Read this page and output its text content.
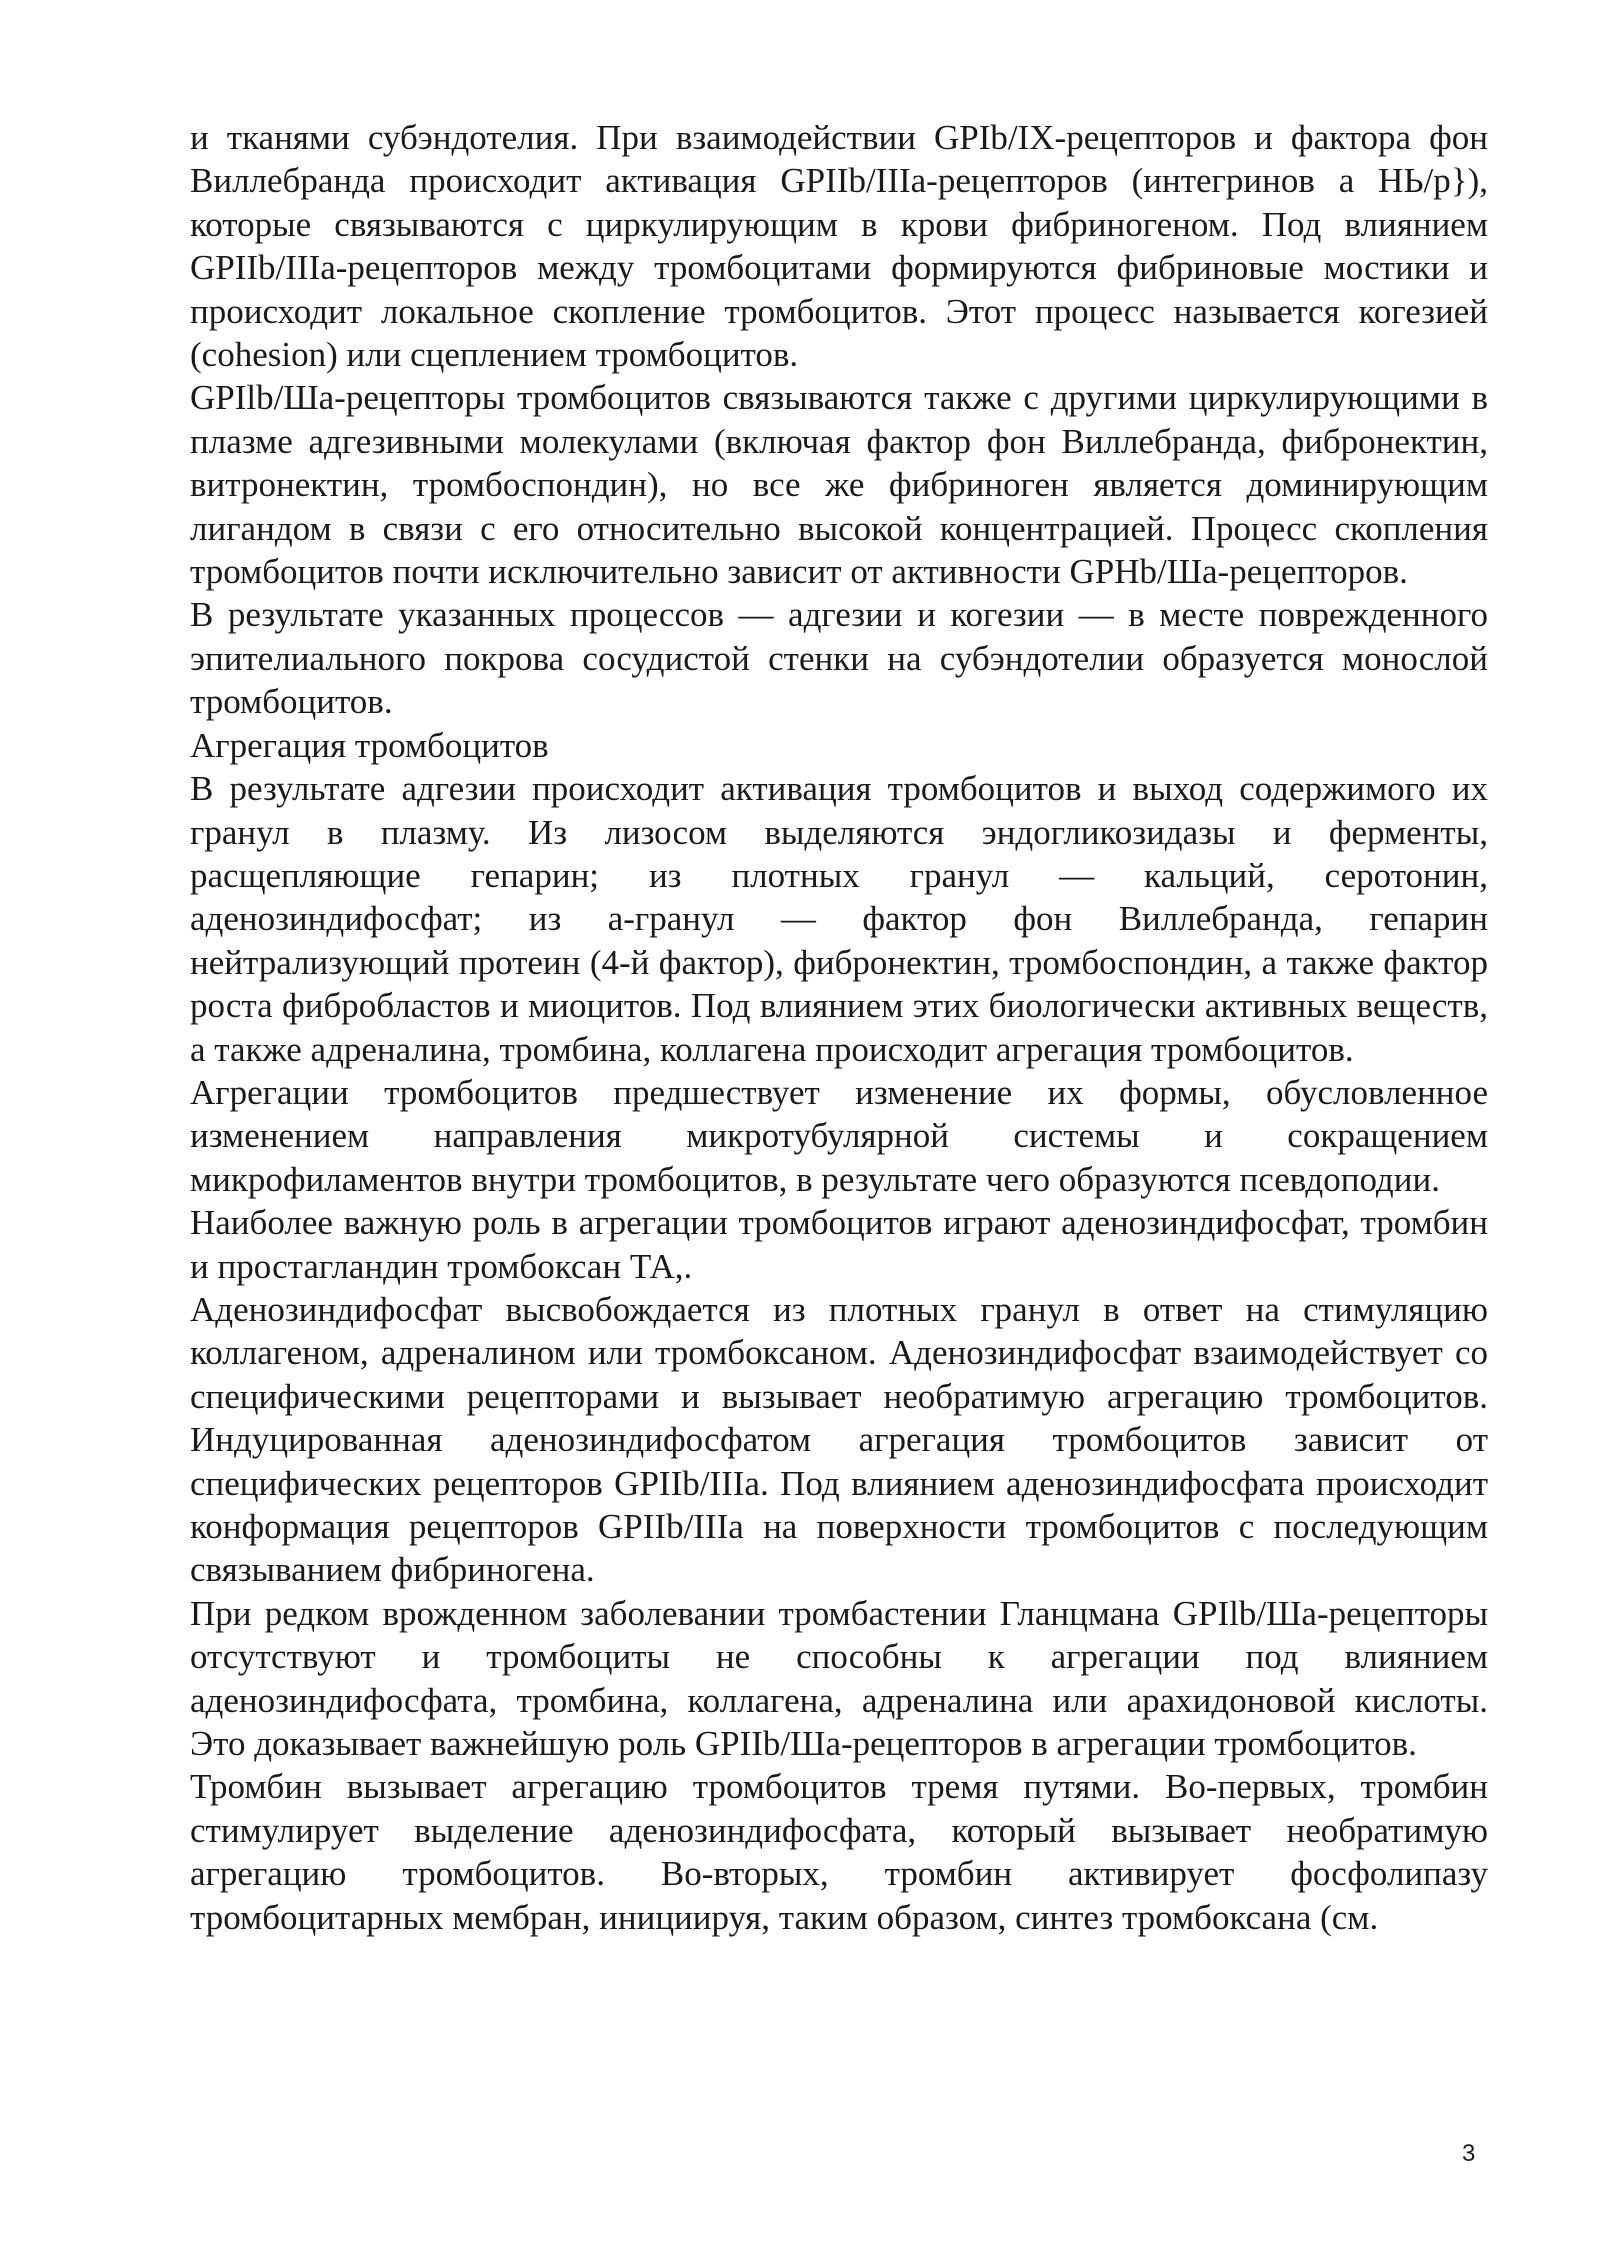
и тканями субэндотелия. При взаимодействии GPIb/IX-рецепторов и фактора фон Виллебранда происходит активация GPIIb/IIIa-рецепторов (интегринов а НЬ/р}), которые связываются с циркулирующим в крови фибриногеном. Под влиянием GPIIb/IIIa-рецепторов между тромбоцитами формируются фибриновые мостики и происходит локальное скопление тромбоцитов. Этот процесс называется когезией (cohesion) или сцеплением тромбоцитов.

GPIlb/Ша-рецепторы тромбоцитов связываются также с другими циркулирующими в плазме адгезивными молекулами (включая фактор фон Виллебранда, фибронектин, витронектин, тромбоспондин), но все же фибриноген является доминирующим лигандом в связи с его относительно высокой концентрацией. Процесс скопления тромбоцитов почти исключительно зависит от активности GPHb/Ша-рецепторов.

В результате указанных процессов — адгезии и когезии — в месте поврежденного эпителиального покрова сосудистой стенки на субэндотелии образуется монослой тромбоцитов.

Агрегация тромбоцитов

В результате адгезии происходит активация тромбоцитов и выход содержимого их гранул в плазму. Из лизосом выделяются эндогликозидазы и ферменты, расщепляющие гепарин; из плотных гранул — кальций, серотонин, аденозиндифосфат; из а-гранул — фактор фон Виллебранда, гепарин нейтрализующий протеин (4-й фактор), фибронектин, тромбоспондин, а также фактор роста фибробластов и миоцитов. Под влиянием этих биологически активных веществ, а также адреналина, тромбина, коллагена происходит агрегация тромбоцитов.

Агрегации тромбоцитов предшествует изменение их формы, обусловленное изменением направления микротубулярной системы и сокращением микрофиламентов внутри тромбоцитов, в результате чего образуются псевдоподии.

Наиболее важную роль в агрегации тромбоцитов играют аденозиндифосфат, тромбин и простагландин тромбоксан ТА,.

Аденозиндифосфат высвобождается из плотных гранул в ответ на стимуляцию коллагеном, адреналином или тромбоксаном. Аденозиндифосфат взаимодействует со специфическими рецепторами и вызывает необратимую агрегацию тромбоцитов. Индуцированная аденозиндифосфатом агрегация тромбоцитов зависит от специфических рецепторов GPIIb/IIIa. Под влиянием аденозиндифосфата происходит конформация рецепторов GPIIb/IIIa на поверхности тромбоцитов с последующим связыванием фибриногена.

При редком врожденном заболевании тромбастении Гланцмана GPIlb/Ша-рецепторы отсутствуют и тромбоциты не способны к агрегации под влиянием аденозиндифосфата, тромбина, коллагена, адреналина или арахидоновой кислоты. Это доказывает важнейшую роль GPIIb/Ша-рецепторов в агрегации тромбоцитов.

Тромбин вызывает агрегацию тромбоцитов тремя путями. Во-первых, тромбин стимулирует выделение аденозиндифосфата, который вызывает необратимую агрегацию тромбоцитов. Во-вторых, тромбин активирует фосфолипазу тромбоцитарных мембран, инициируя, таким образом, синтез тромбоксана (см.

3
